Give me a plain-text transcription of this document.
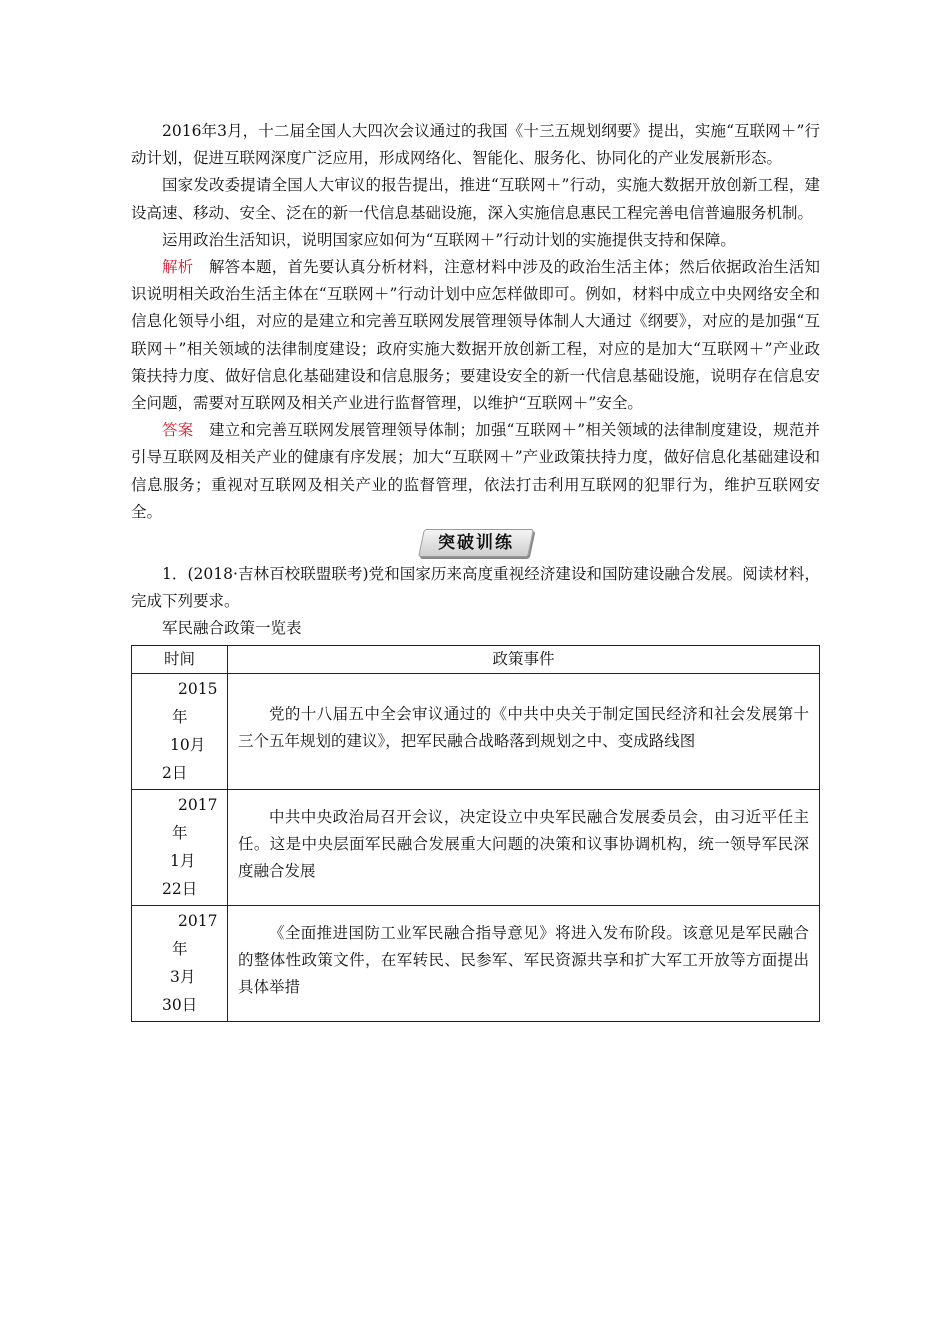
2016年3月，十二届全国人大四次会议通过的我国《十三五规划纲要》提出，实施“互联网＋”行动计划，促进互联网深度广泛应用，形成网络化、智能化、服务化、协同化的产业发展新形态。

国家发改委提请全国人大审议的报告提出，推进“互联网＋”行动，实施大数据开放创新工程，建设高速、移动、安全、泛在的新一代信息基础设施，深入实施信息惠民工程完善电信普遍服务机制。

运用政治生活知识，说明国家应如何为“互联网＋”行动计划的实施提供支持和保障。

解析　解答本题，首先要认真分析材料，注意材料中涉及的政治生活主体；然后依据政治生活知识说明相关政治生活主体在“互联网＋”行动计划中应怎样做即可。例如，材料中成立中央网络安全和信息化领导小组，对应的是建立和完善互联网发展管理领导体制人大通过《纲要》，对应的是加强“互联网＋”相关领域的法律制度建设；政府实施大数据开放创新工程，对应的是加大“互联网＋”产业政策扶持力度、做好信息化基础建设和信息服务；要建设安全的新一代信息基础设施，说明存在信息安全问题，需要对互联网及相关产业进行监督管理，以维护“互联网＋”安全。

答案　建立和完善互联网发展管理领导体制；加强“互联网＋”相关领域的法律制度建设，规范并引导互联网及相关产业的健康有序发展；加大“互联网＋”产业政策扶持力度，做好信息化基础建设和信息服务；重视对互联网及相关产业的监督管理，依法打击利用互联网的犯罪行为，维护互联网安全。

突破训练

1．(2018·吉林百校联盟联考)党和国家历来高度重视经济建设和国防建设融合发展。阅读材料，完成下列要求。

军民融合政策一览表

时间	政策事件

2015
年
10月
2日	党的十八届五中全会审议通过的《中共中央关于制定国民经济和社会发展第十三个五年规划的建议》，把军民融合战略落到规划之中、变成路线图

2017
年
1月
22日	中共中央政治局召开会议，决定设立中央军民融合发展委员会，由习近平任主任。这是中央层面军民融合发展重大问题的决策和议事协调机构，统一领导军民深度融合发展

2017
年
3月
30日	《全面推进国防工业军民融合指导意见》将进入发布阶段。该意见是军民融合的整体性政策文件，在军转民、民参军、军民资源共享和扩大军工开放等方面提出具体举措
